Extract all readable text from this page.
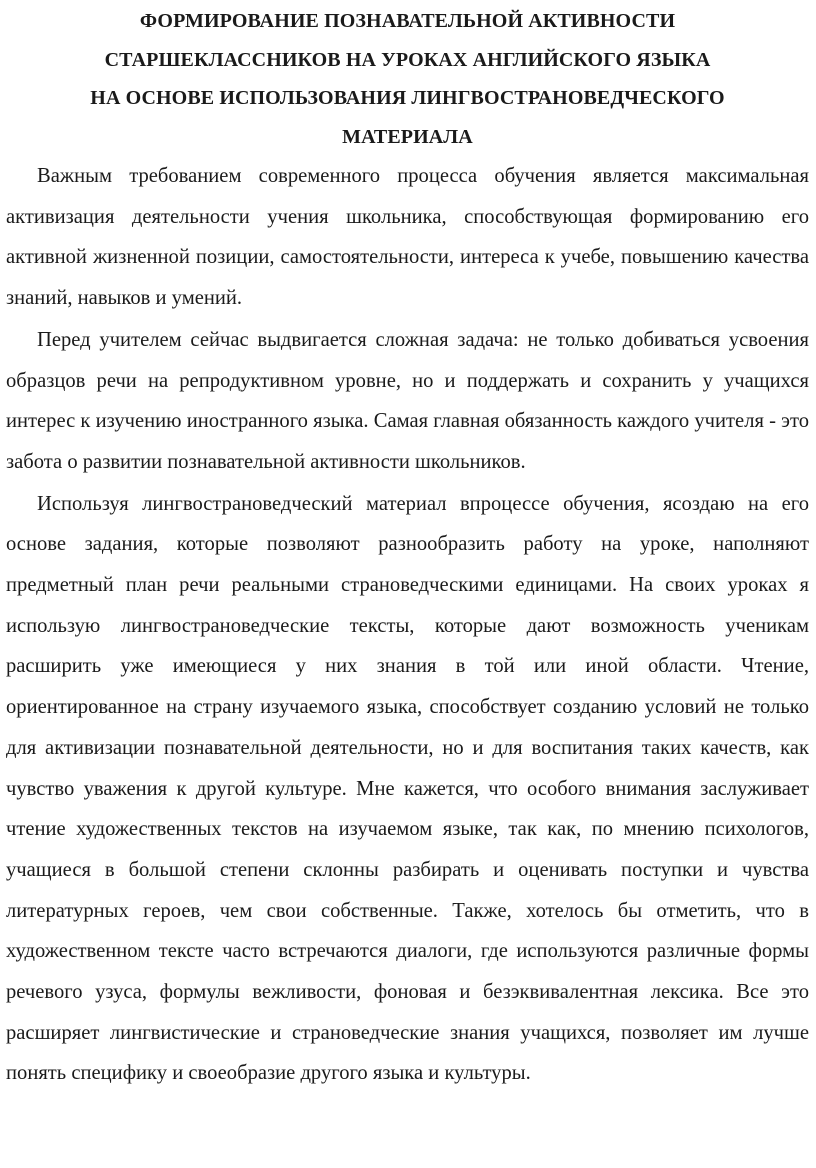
ФОРМИРОВАНИЕ ПОЗНАВАТЕЛЬНОЙ АКТИВНОСТИ
СТАРШЕКЛАССНИКОВ НА УРОКАХ АНГЛИЙСКОГО ЯЗЫКА
НА ОСНОВЕ ИСПОЛЬЗОВАНИЯ ЛИНГВОСТРАНОВЕДЧЕСКОГО
МАТЕРИАЛА

Важным требованием современного процесса обучения является максимальная активизация деятельности учения школьника, способствующая формированию его активной жизненной позиции, самостоятельности, интереса к учебе, повышению качества знаний, навыков и умений.

Перед учителем сейчас выдвигается сложная задача: не только добиваться усвоения образцов речи на репродуктивном уровне, но и поддержать и сохранить у учащихся интерес к изучению иностранного языка. Самая главная обязанность каждого учителя - это забота о развитии познавательной активности школьников.

Используя лингвострановедческий материал впроцессе обучения, ясоздаю на его основе задания, которые позволяют разнообразить работу на уроке, наполняют предметный план речи реальными страноведческими единицами. На своих уроках я использую лингвострановедческие тексты, которые дают возможность ученикам расширить уже имеющиеся у них знания в той или иной области. Чтение, ориентированное на страну изучаемого языка, способствует созданию условий не только для активизации познавательной деятельности, но и для воспитания таких качеств, как чувство уважения к другой культуре. Мне кажется, что особого внимания заслуживает чтение художественных текстов на изучаемом языке, так как, по мнению психологов, учащиеся в большой степени склонны разбирать и оценивать поступки и чувства литературных героев, чем свои собственные. Также, хотелось бы отметить, что в художественном тексте часто встречаются диалоги, где используются различные формы речевого узуса, формулы вежливости, фоновая и безэквивалентная лексика. Все это расширяет лингвистические и страноведческие знания учащихся, позволяет им лучше понять специфику и своеобразие другого языка и культуры.
